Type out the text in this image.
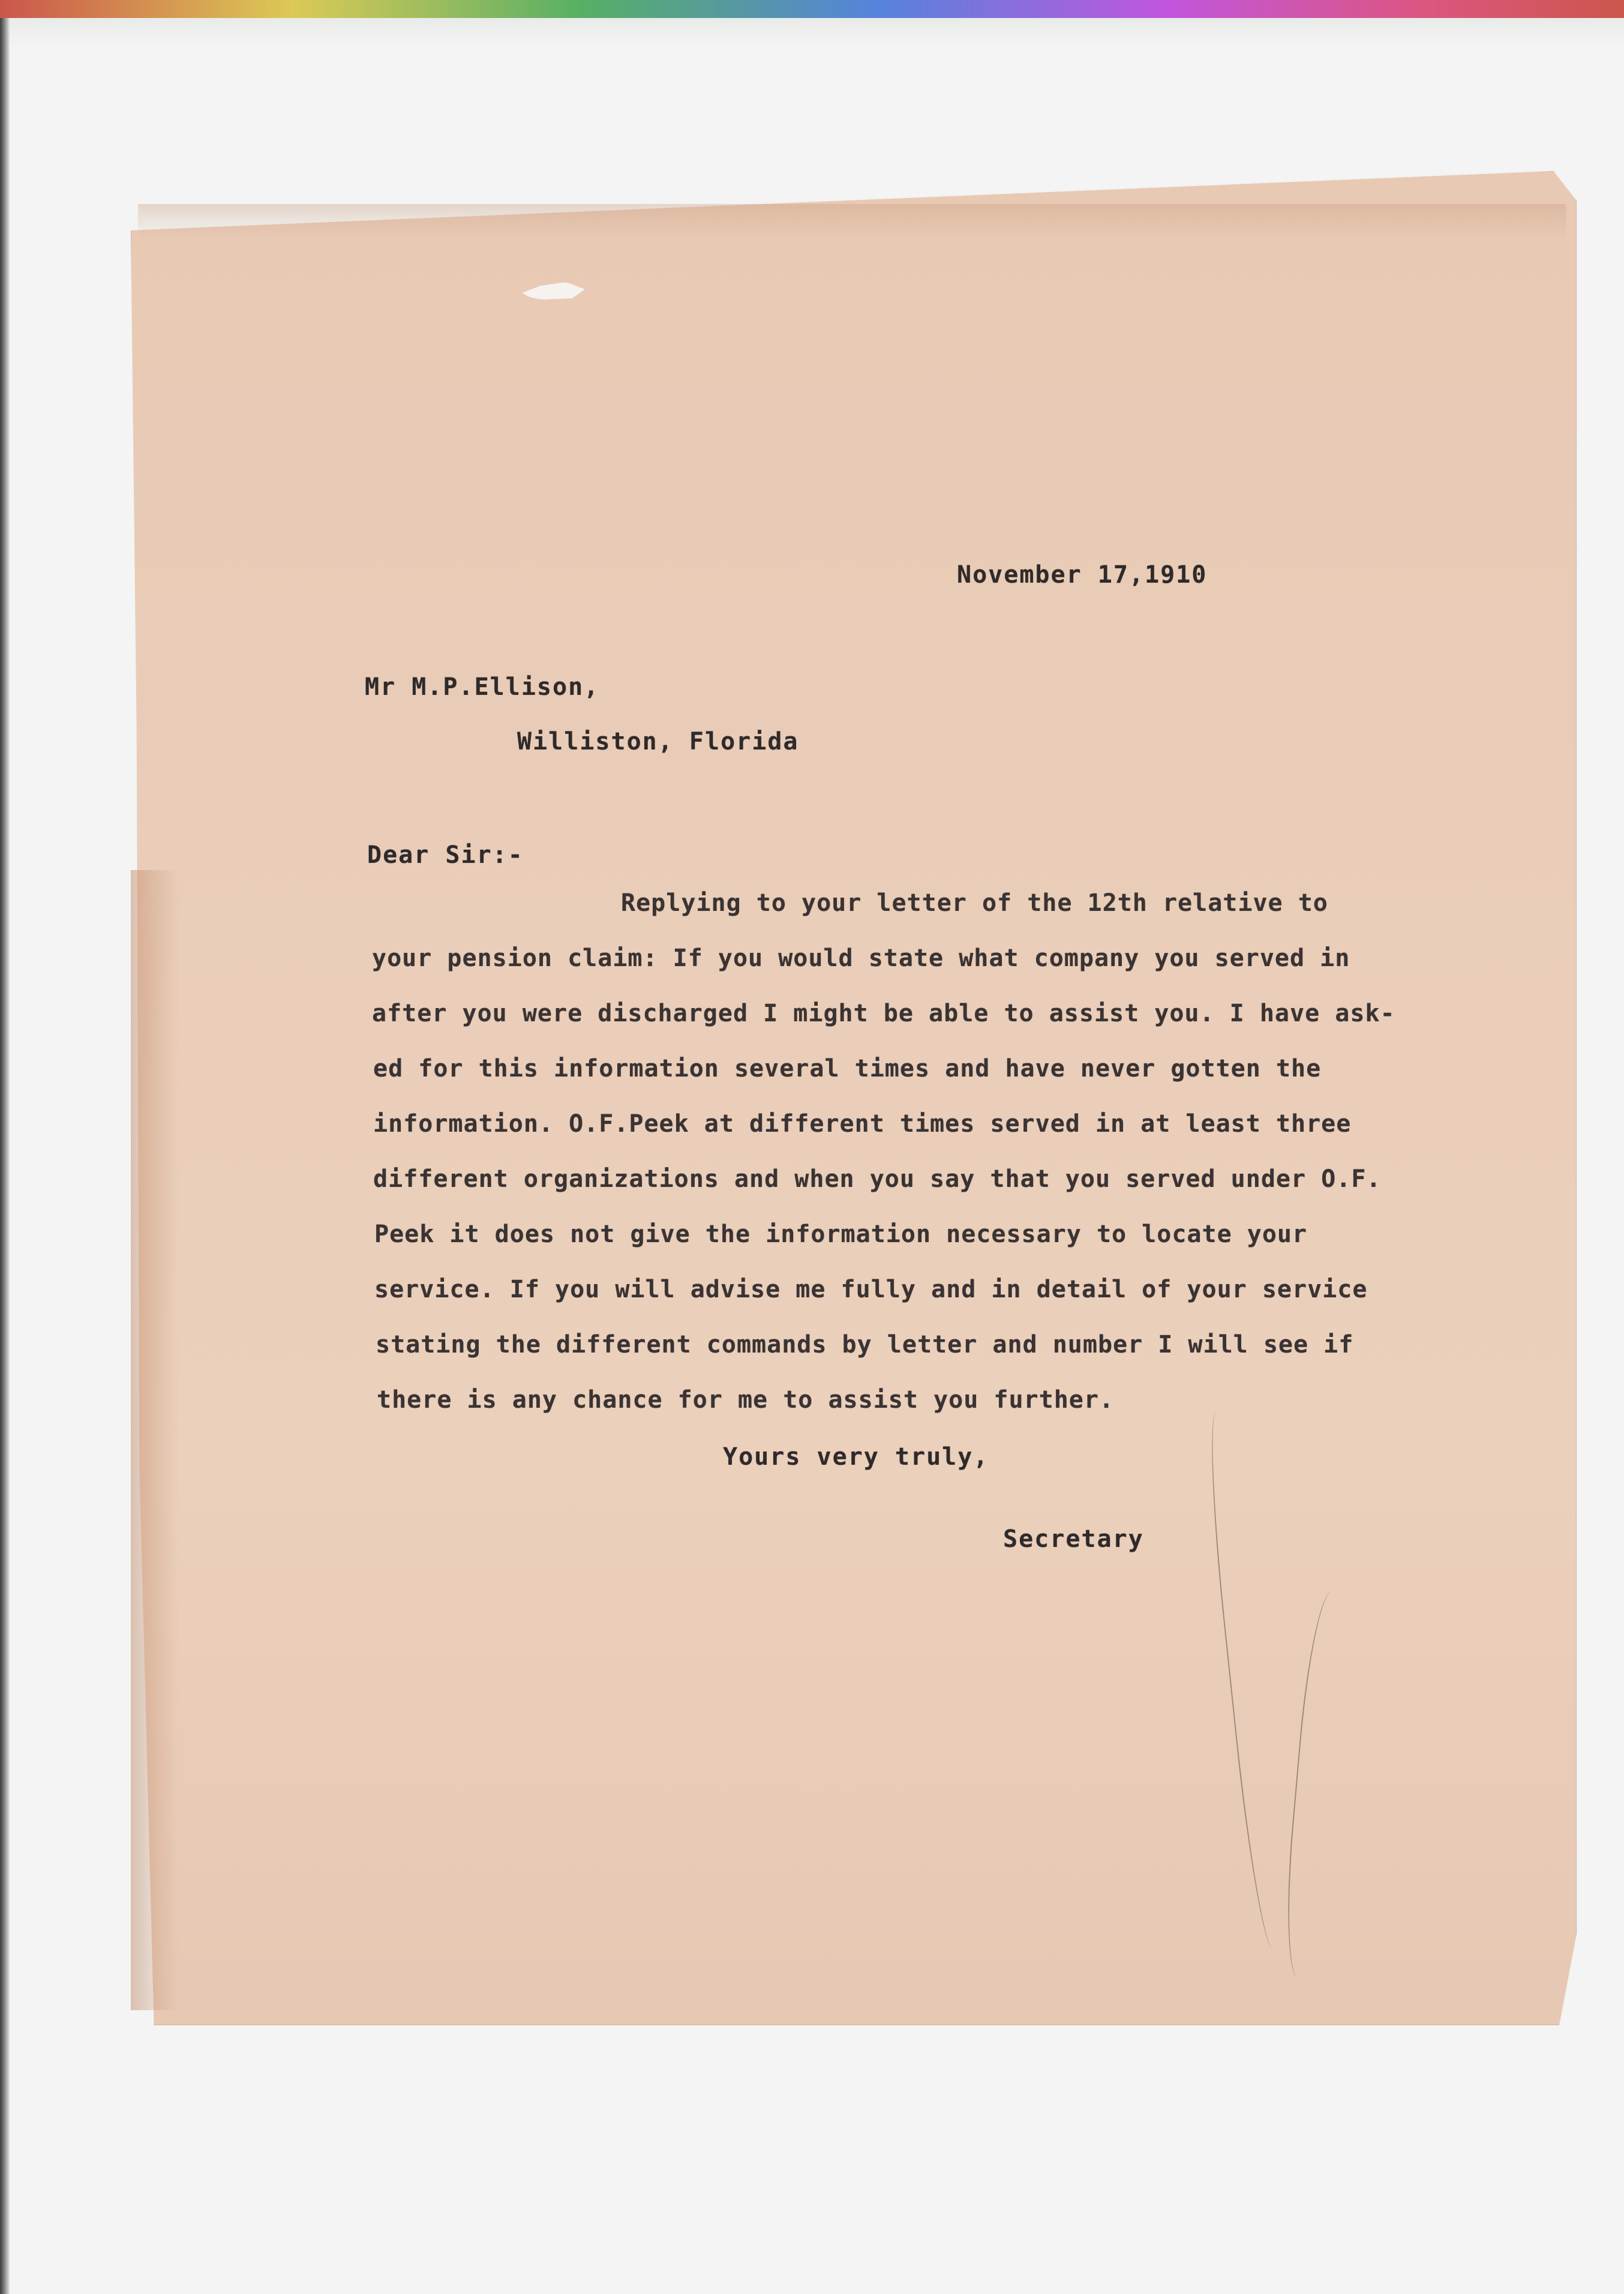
November 17,1910
Mr M.P.Ellison,
Williston, Florida
Dear Sir:-
Replying to your letter of the 12th relative to
your pension claim: If you would state what company you served in
after you were discharged I might be able to assist you. I have ask-
ed for this information several times and have never gotten the
information. O.F.Peek at different times served in at least three
different organizations and when you say that you served under O.F.
Peek it does not give the information necessary to locate your
service. If you will advise me fully and in detail of your service
stating the different commands by letter and number I will see if
there is any chance for me to assist you further.
Yours very truly,
Secretary
